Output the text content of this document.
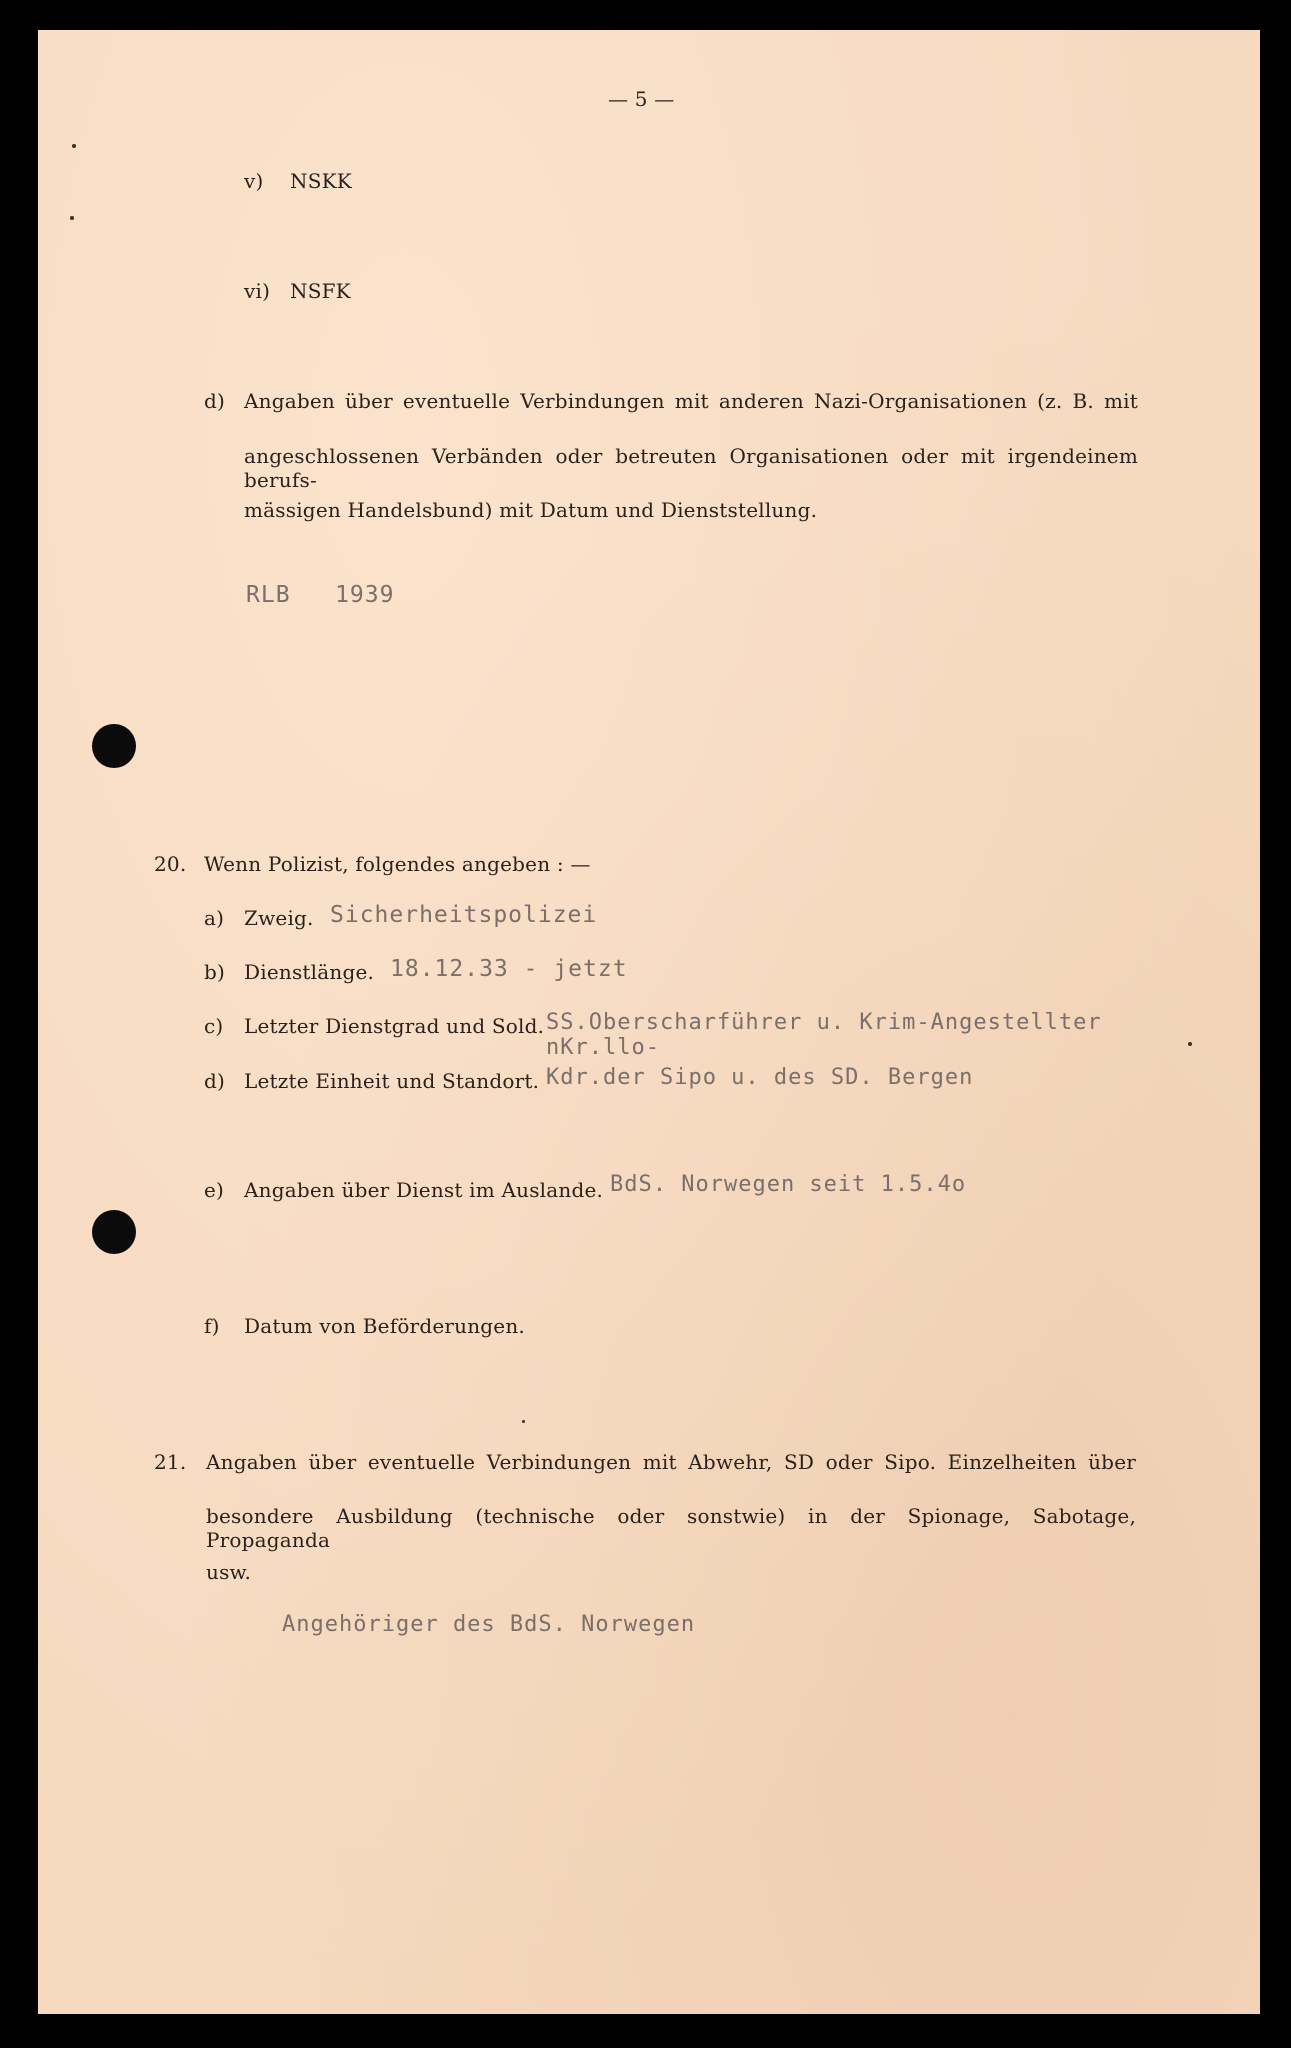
— 5 —
v) NSKK
vi) NSFK
d) Angaben über eventuelle Verbindungen mit anderen Nazi-Organisationen (z. B. mit
angeschlossenen Verbänden oder betreuten Organisationen oder mit irgendeinem berufs-
mässigen Handelsbund) mit Datum und Dienststellung.
RLB   1939
20. Wenn Polizist, folgendes angeben : —
a) Zweig. Sicherheitspolizei
b) Dienstlänge. 18.12.33 - jetzt
c) Letzter Dienstgrad und Sold. SS.Oberscharführer u. Krim-Angestellter
nKr.llo-
d) Letzte Einheit und Standort. Kdr.der Sipo u. des SD. Bergen
e) Angaben über Dienst im Auslande. BdS. Norwegen seit 1.5.4o
f) Datum von Beförderungen.
21. Angaben über eventuelle Verbindungen mit Abwehr, SD oder Sipo. Einzelheiten über
besondere Ausbildung (technische oder sonstwie) in der Spionage, Sabotage, Propaganda
usw.
Angehöriger des BdS. Norwegen
